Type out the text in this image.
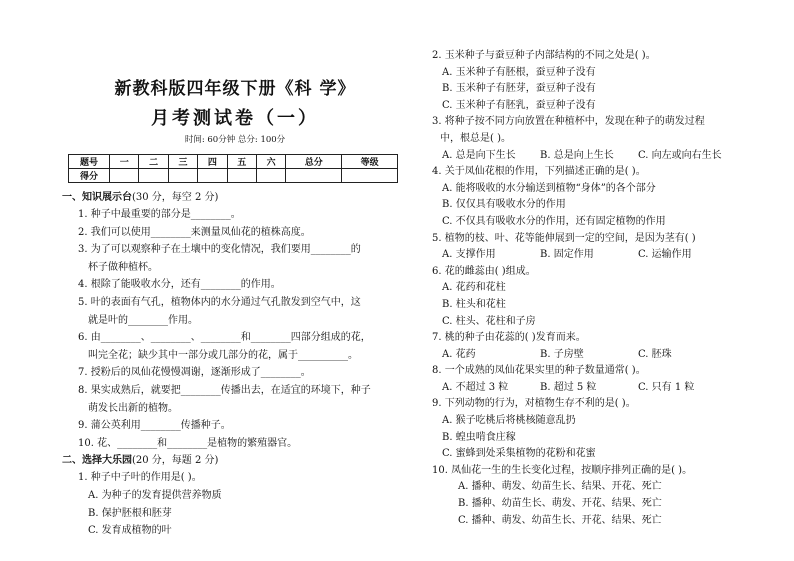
新教科版四年级下册《科 学》
月考测试卷（一）
时间: 60分钟 总分: 100分
题号	一	二	三	四	五	六	总分	等级
得分								
一、知识展示台(30 分，每空 2 分)
1. 种子中最重要的部分是________。
2. 我们可以使用________来测量凤仙花的植株高度。
3. 为了可以观察种子在土壤中的变化情况，我们要用________的
杯子做种植杯。
4. 根除了能吸收水分，还有________的作用。
5. 叶的表面有气孔，植物体内的水分通过气孔散发到空气中，这
就是叶的________作用。
6. 由________、________、________和________四部分组成的花，
叫完全花；缺少其中一部分或几部分的花，属于__________。
7. 授粉后的凤仙花慢慢凋谢，逐渐形成了________。
8. 果实成熟后，就要把________传播出去，在适宜的环境下，种子
萌发长出新的植物。
9. 蒲公英利用________传播种子。
10. 花、________和________是植物的繁殖器官。
二、选择大乐园(20 分，每题 2 分)
1. 种子中子叶的作用是( )。
A. 为种子的发育提供营养物质
B. 保护胚根和胚芽
C. 发育成植物的叶
2. 玉米种子与蚕豆种子内部结构的不同之处是( )。
A. 玉米种子有胚根，蚕豆种子没有
B. 玉米种子有胚芽，蚕豆种子没有
C. 玉米种子有胚乳，蚕豆种子没有
3. 将种子按不同方向放置在种植杯中，发现在种子的萌发过程
中，根总是( )。
A. 总是向下生长	B. 总是向上生长	C. 向左或向右生长
4. 关于凤仙花根的作用，下列描述正确的是( )。
A. 能将吸收的水分输送到植物“身体”的各个部分
B. 仅仅具有吸收水分的作用
C. 不仅具有吸收水分的作用，还有固定植物的作用
5. 植物的枝、叶、花等能伸展到一定的空间，是因为茎有( )
A. 支撑作用	B. 固定作用	C. 运输作用
6. 花的雌蕊由( )组成。
A. 花药和花柱
B. 柱头和花柱
C. 柱头、花柱和子房
7. 桃的种子由花蕊的( )发育而来。
A. 花药	B. 子房壁	C. 胚珠
8. 一个成熟的凤仙花果实里的种子数量通常( )。
A. 不超过 3 粒	B. 超过 5 粒	C. 只有 1 粒
9. 下列动物的行为，对植物生存不利的是( )。
A. 猴子吃桃后将桃核随意乱扔
B. 蝗虫啃食庄稼
C. 蜜蜂到处采集植物的花粉和花蜜
10. 凤仙花一生的生长变化过程，按顺序排列正确的是( )。
A. 播种、萌发、幼苗生长、结果、开花、死亡
B. 播种、幼苗生长、萌发、开花、结果、死亡
C. 播种、萌发、幼苗生长、开花、结果、死亡
